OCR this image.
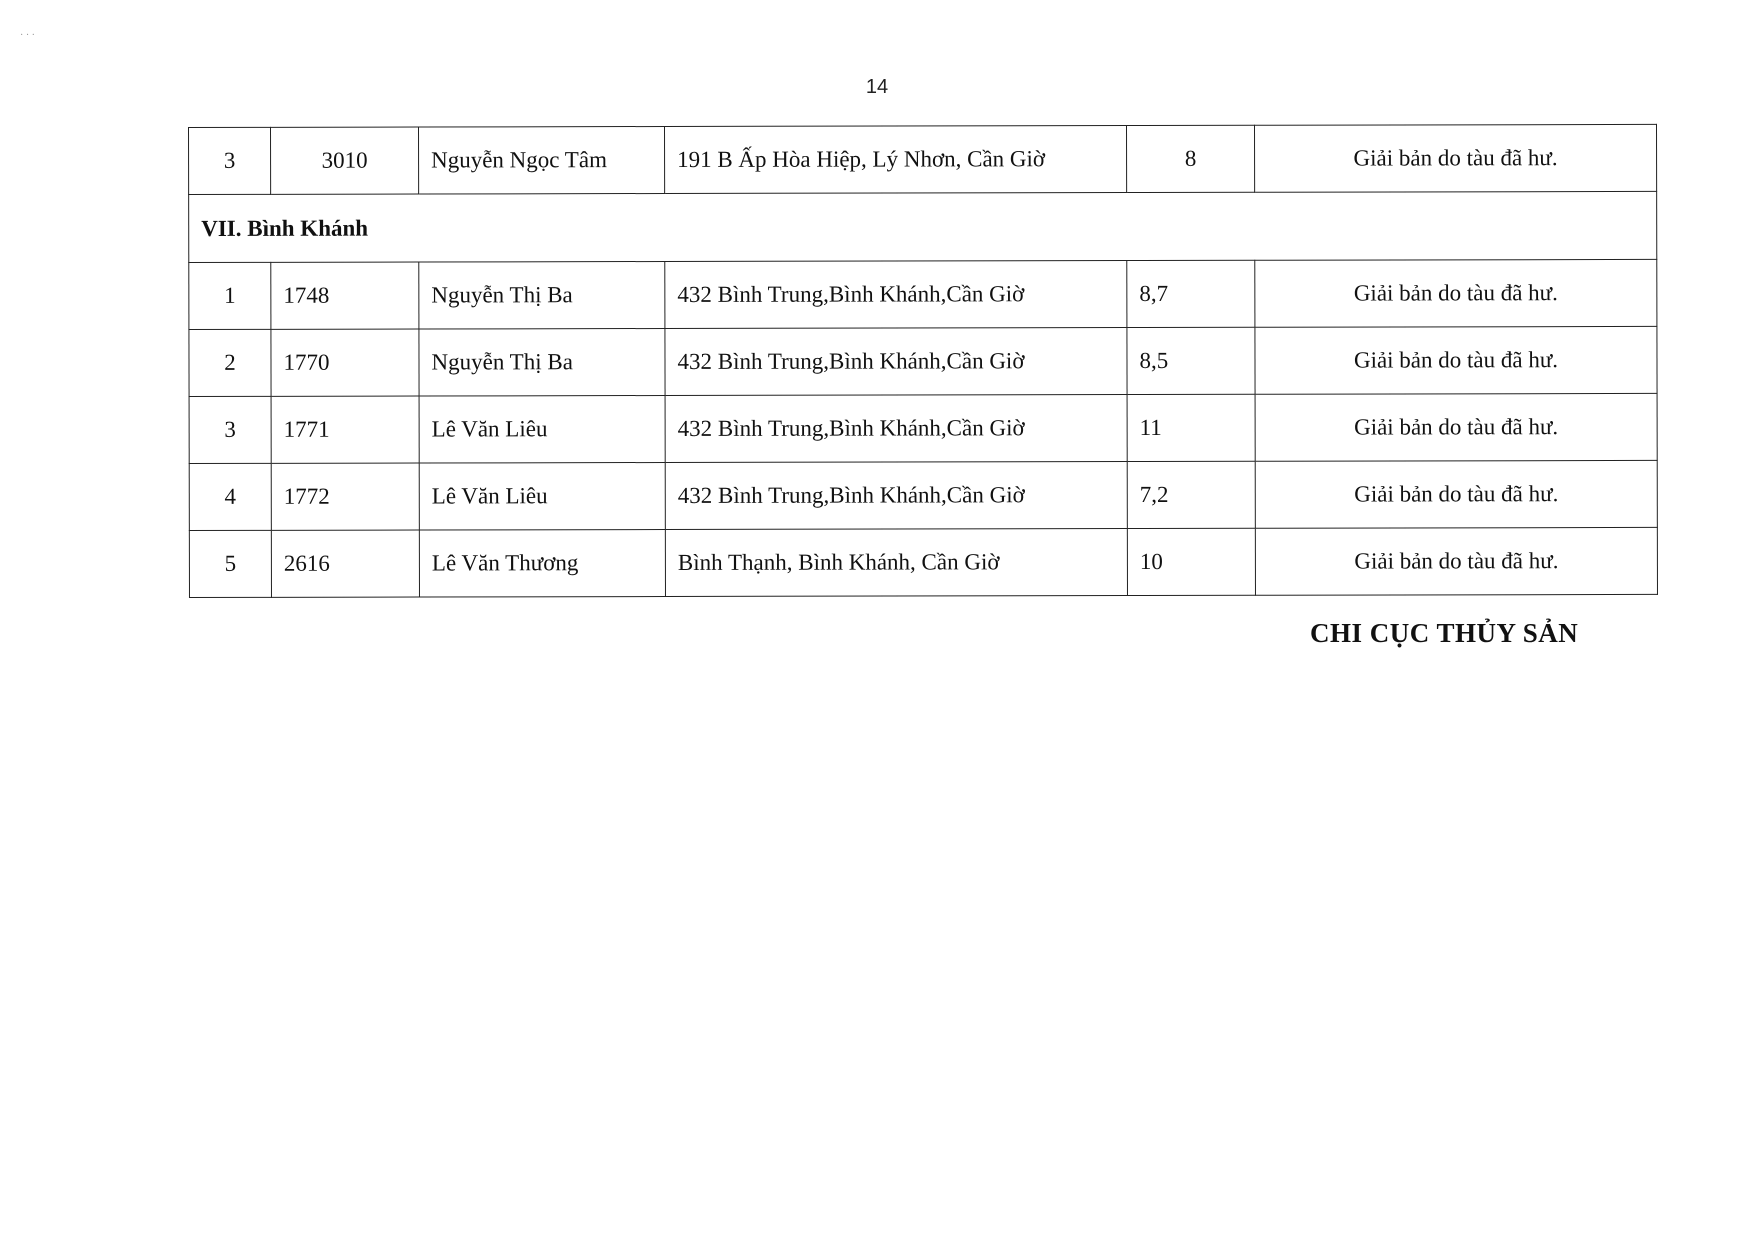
· · ·
14
3	3010	Nguyễn Ngọc Tâm	191 B Ấp Hòa Hiệp, Lý Nhơn, Cần Giờ	8	Giải bản do tàu đã hư.
VII. Bình Khánh					
1	1748	Nguyễn Thị Ba	432 Bình Trung,Bình Khánh,Cần Giờ	8,7	Giải bản do tàu đã hư.
2	1770	Nguyễn Thị Ba	432 Bình Trung,Bình Khánh,Cần Giờ	8,5	Giải bản do tàu đã hư.
3	1771	Lê Văn Liêu	432 Bình Trung,Bình Khánh,Cần Giờ	11	Giải bản do tàu đã hư.
4	1772	Lê Văn Liêu	432 Bình Trung,Bình Khánh,Cần Giờ	7,2	Giải bản do tàu đã hư.
5	2616	Lê Văn Thương	Bình Thạnh, Bình Khánh, Cần Giờ	10	Giải bản do tàu đã hư.
CHI CỤC THỦY SẢN
